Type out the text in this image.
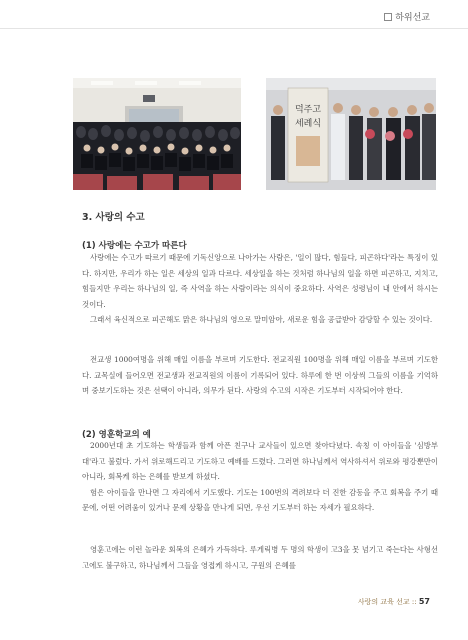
하위선교
덕주고
세례식
3. 사랑의 수고
(1) 사랑에는 수고가 따른다

사랑에는 수고가 따르기 때문에 기독신앙으로 나아가는 사람은, '일이 많다, 힘들다, 피곤하다'라는 특징이 있다. 하지만, 우리가 하는 일은 세상의 일과 다르다. 세상일을 하는 것처럼 하나님의 일을 하면 피곤하고, 지치고, 힘들지만 우리는 하나님의 일, 즉 사역을 하는 사람이라는 의식이 중요하다. 사역은 성령님이 내 안에서 하시는 것이다.

그래서 육신적으로 피곤해도 맑은 하나님의 영으로 말미암아, 새로운 힘을 공급받아 감당할 수 있는 것이다.

전교생 1000여명을 위해 매일 이름을 부르며 기도한다. 전교직원 100명을 위해 매일 이름을 부르며 기도한다. 교목실에 들어오면 전교생과 전교직원의 이름이 기록되어 있다. 하루에 한 번 이상씩 그들의 이름을 기억하며 중보기도하는 것은 선택이 아니라, 의무가 된다. 사랑의 수고의 시작은 기도부터 시작되어야 한다.

(2) 영훈학교의 예

2000년대 초 기도하는 학생들과 함께 아픈 친구나 교사들이 있으면 찾아다녔다. 속칭 이 아이들을 '심방부대'라고 불렀다. 가서 위로해드리고 기도하고 예배를 드렸다. 그러면 하나님께서 역사하셔서 위로와 평강뿐만이 아니라, 회복케 하는 은혜를 받보게 하셨다.

험은 아이들을 만나면 그 자리에서 기도했다. 기도는 100번의 격려보다 더 진한 감동을 주고 회복을 주기 때문에, 어떤 어려움이 있거나 문제 상황을 만나게 되면, 우선 기도부터 하는 자세가 필요하다.

영훈고에는 이런 놀라운 회복의 은혜가 가득하다. 루게릭병 두 명의 학생이 고3을 못 넘기고 죽는다는 사형선고에도 불구하고, 하나님께서 그들을 영접케 하시고, 구원의 은혜를

사랑의 교육 선교 :: 57
